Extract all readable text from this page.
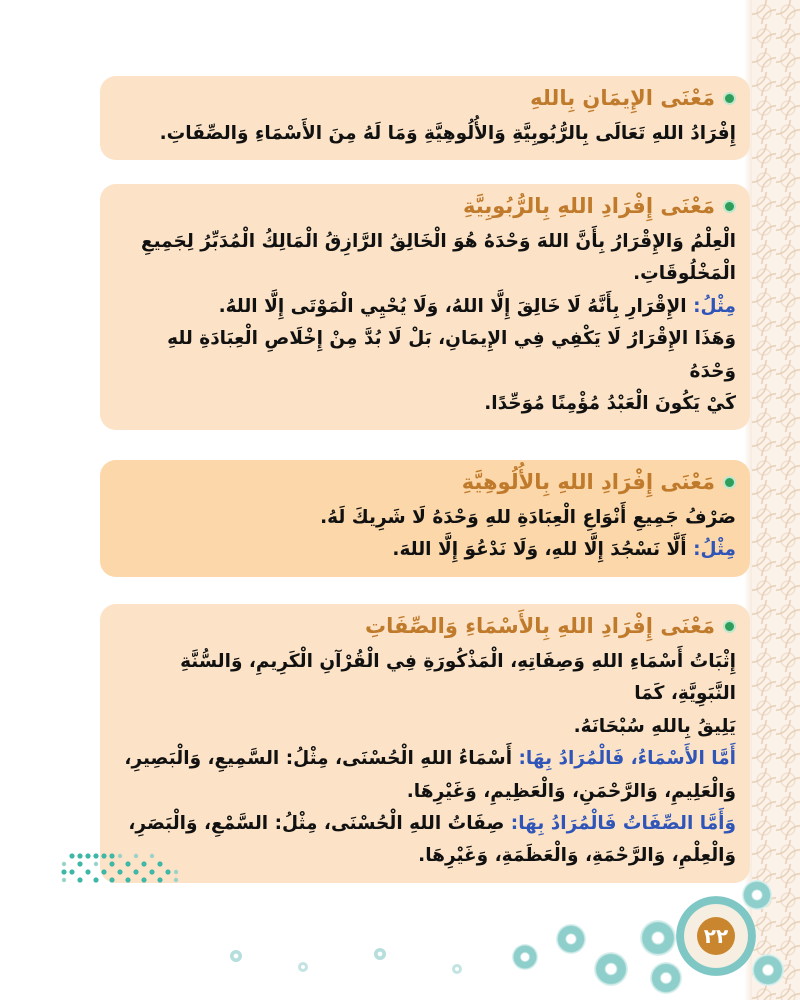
مَعْنَى الإِيمَانِ بِاللهِ
إِفْرَادُ اللهِ تَعَالَى بِالرُّبُوبِيَّةِ وَالأُلُوهِيَّةِ وَمَا لَهُ مِنَ الأَسْمَاءِ وَالصِّفَاتِ.
مَعْنَى إِفْرَادِ اللهِ بِالرُّبُوبِيَّةِ
الْعِلْمُ وَالإِقْرَارُ بِأَنَّ اللهَ وَحْدَهُ هُوَ الْخَالِقُ الرَّازِقُ الْمَالِكُ الْمُدَبِّرُ لِجَمِيعِ
الْمَخْلُوقَاتِ.
مِثْلُ: الإِقْرَارِ بِأَنَّهُ لَا خَالِقَ إِلَّا اللهُ، وَلَا يُحْيِي الْمَوْتَى إِلَّا اللهُ.
وَهَذَا الإِقْرَارُ لَا يَكْفِي فِي الإِيمَانِ، بَلْ لَا بُدَّ مِنْ إِخْلَاصِ الْعِبَادَةِ للهِ وَحْدَهُ
كَيْ يَكُونَ الْعَبْدُ مُؤْمِنًا مُوَحِّدًا.
مَعْنَى إِفْرَادِ اللهِ بِالأُلُوهِيَّةِ
صَرْفُ جَمِيعِ أَنْوَاعِ الْعِبَادَةِ للهِ وَحْدَهُ لَا شَرِيكَ لَهُ.
مِثْلُ: أَلَّا نَسْجُدَ إِلَّا للهِ، وَلَا نَدْعُوَ إِلَّا اللهَ.
مَعْنَى إِفْرَادِ اللهِ بِالأَسْمَاءِ وَالصِّفَاتِ
إِثْبَاتُ أَسْمَاءِ اللهِ وَصِفَاتِهِ، الْمَذْكُورَةِ فِي الْقُرْآنِ الْكَرِيمِ، وَالسُّنَّةِ النَّبَوِيَّةِ، كَمَا
يَلِيقُ بِاللهِ سُبْحَانَهُ.
أَمَّا الأَسْمَاءُ، فَالْمُرَادُ بِهَا: أَسْمَاءُ اللهِ الْحُسْنَى، مِثْلُ: السَّمِيعِ، وَالْبَصِيرِ،
وَالْعَلِيمِ، وَالرَّحْمَنِ، وَالْعَظِيمِ، وَغَيْرِهَا.
وَأَمَّا الصِّفَاتُ فَالْمُرَادُ بِهَا: صِفَاتُ اللهِ الْحُسْنَى، مِثْلُ: السَّمْعِ، وَالْبَصَرِ،
وَالْعِلْمِ، وَالرَّحْمَةِ، وَالْعَظَمَةِ، وَغَيْرِهَا.
٢٢
